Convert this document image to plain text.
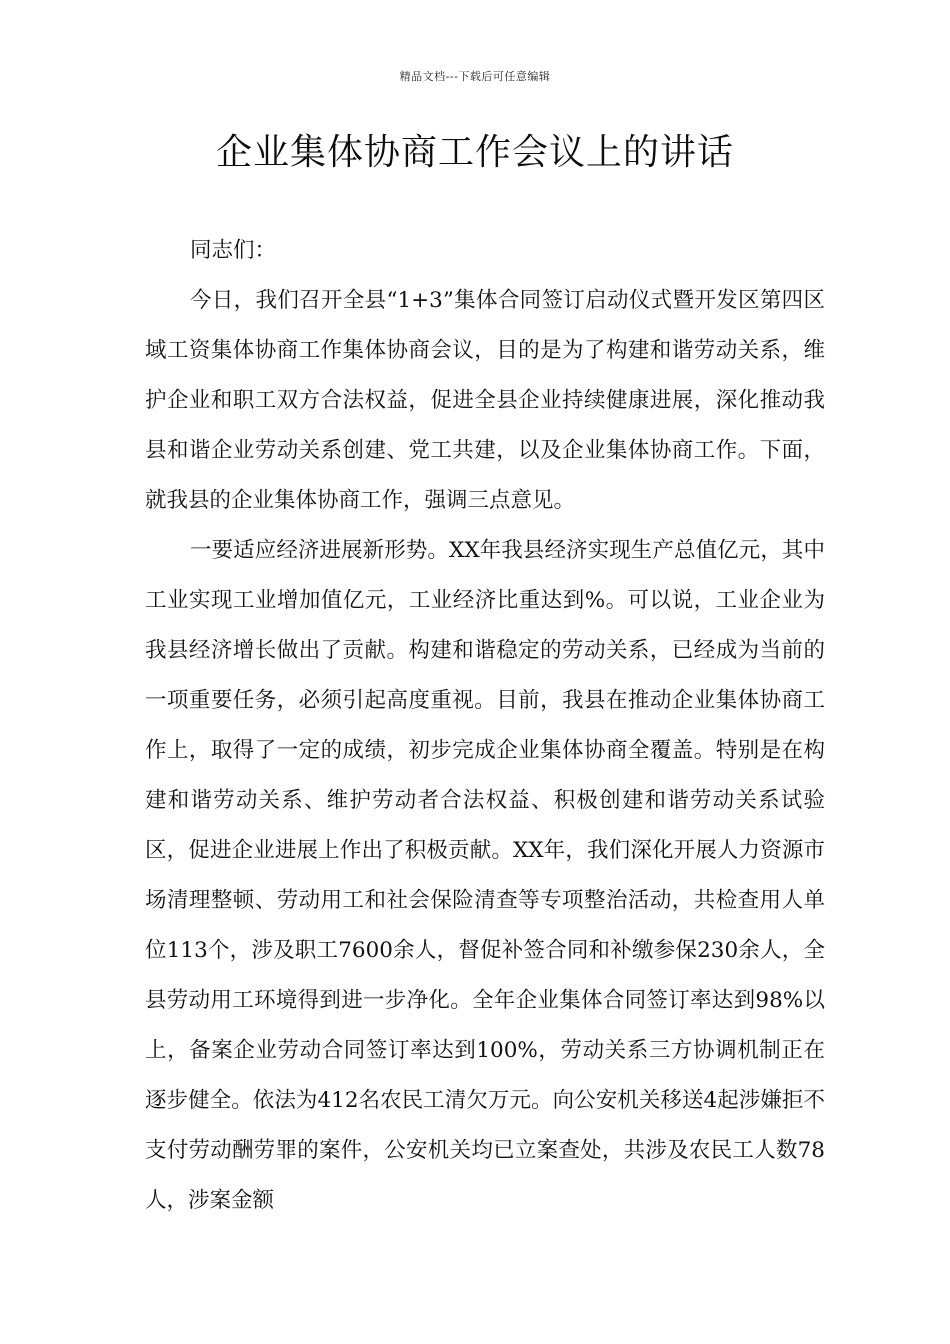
精品文档---下载后可任意编辑
企业集体协商工作会议上的讲话

同志们：

今日，我们召开全县“1+3”集体合同签订启动仪式暨开发区第四区域工资集体协商工作集体协商会议，目的是为了构建和谐劳动关系，维护企业和职工双方合法权益，促进全县企业持续健康进展，深化推动我县和谐企业劳动关系创建、党工共建，以及企业集体协商工作。下面，就我县的企业集体协商工作，强调三点意见。

一要适应经济进展新形势。XX年我县经济实现生产总值亿元，其中工业实现工业增加值亿元，工业经济比重达到%。可以说，工业企业为我县经济增长做出了贡献。构建和谐稳定的劳动关系，已经成为当前的一项重要任务，必须引起高度重视。目前，我县在推动企业集体协商工作上，取得了一定的成绩，初步完成企业集体协商全覆盖。特别是在构建和谐劳动关系、维护劳动者合法权益、积极创建和谐劳动关系试验区，促进企业进展上作出了积极贡献。XX年，我们深化开展人力资源市场清理整顿、劳动用工和社会保险清查等专项整治活动，共检查用人单位113个，涉及职工7600余人，督促补签合同和补缴参保230余人，全县劳动用工环境得到进一步净化。全年企业集体合同签订率达到98%以上，备案企业劳动合同签订率达到100%，劳动关系三方协调机制正在逐步健全。依法为412名农民工清欠万元。向公安机关移送4起涉嫌拒不支付劳动酬劳罪的案件，公安机关均已立案查处，共涉及农民工人数78人，涉案金额
